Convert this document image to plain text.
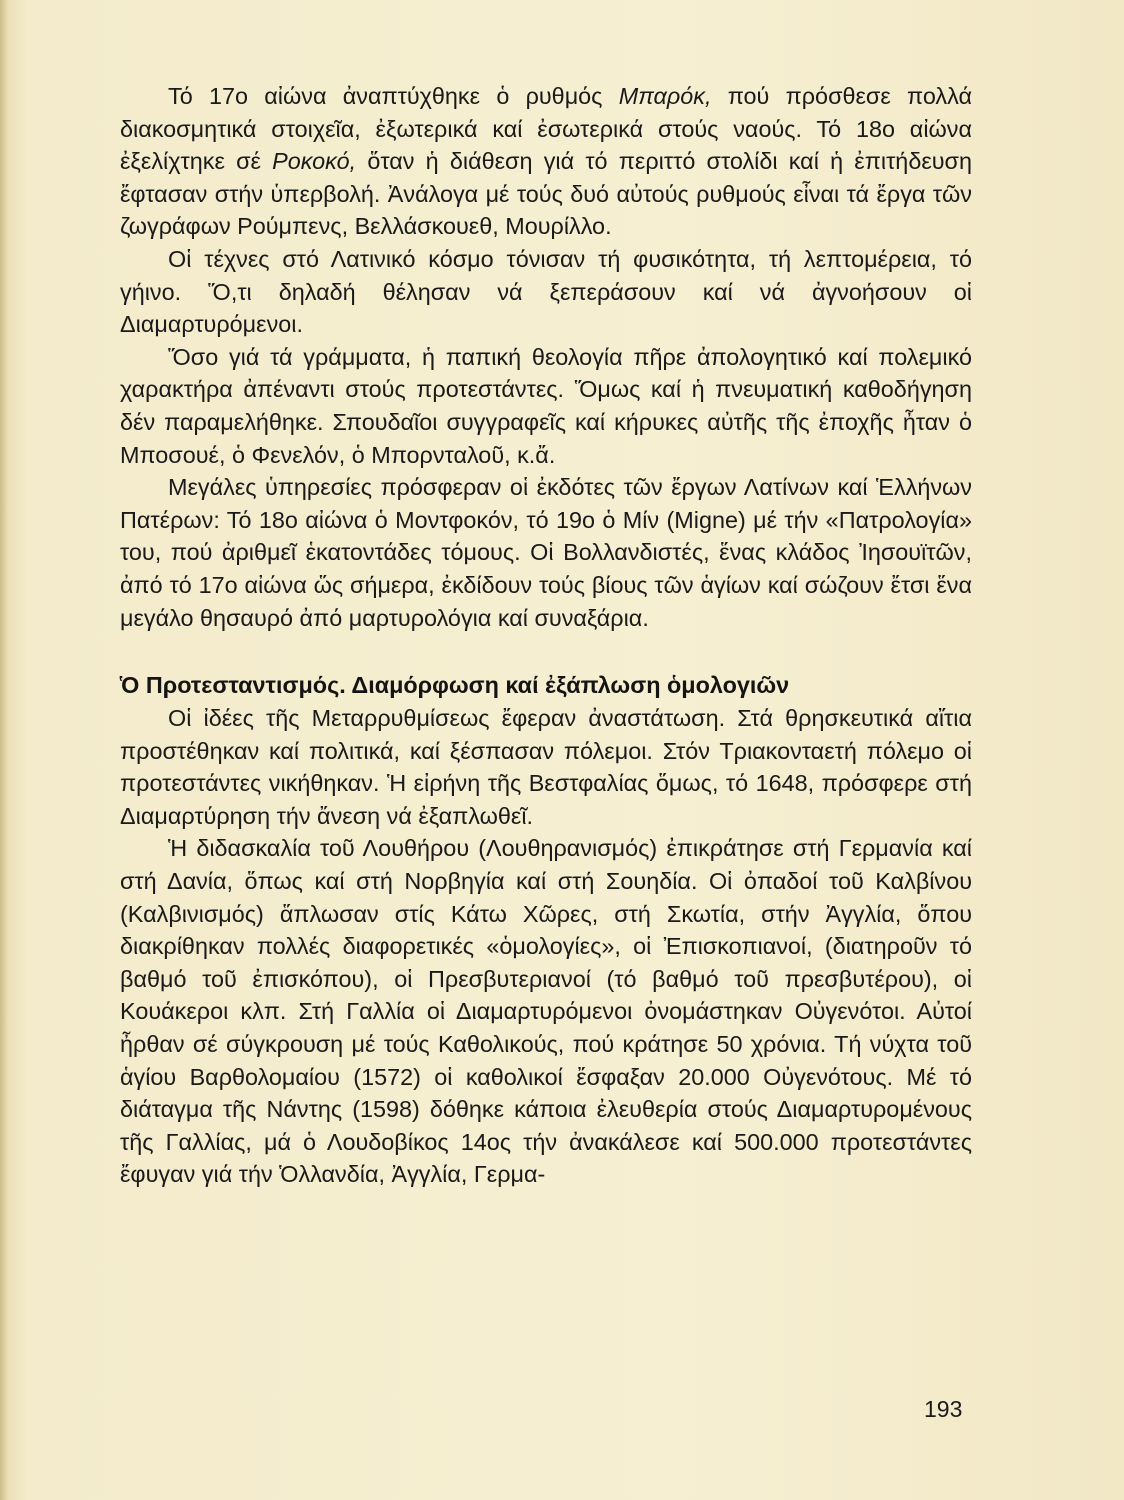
Τό 17ο αἰώνα ἀναπτύχθηκε ὁ ρυθμός Μπαρόκ, πού πρόσθεσε πολλά διακοσμητικά στοιχεῖα, ἐξωτερικά καί ἐσωτερικά στούς ναούς. Τό 18ο αἰώνα ἐξελίχτηκε σέ Ροκοκό, ὅταν ἡ διάθεση γιά τό περιττό στολίδι καί ἡ ἐπιτήδευση ἔφτασαν στήν ὑπερβολή. Ἀνάλογα μέ τούς δυό αὐτούς ρυθμούς εἶναι τά ἔργα τῶν ζωγράφων Ρούμπενς, Βελλάσκουεθ, Μουρίλλο.

Οἱ τέχνες στό Λατινικό κόσμο τόνισαν τή φυσικότητα, τή λεπτομέρεια, τό γήινο. Ὅ,τι δηλαδή θέλησαν νά ξεπεράσουν καί νά ἀγνοήσουν οἱ Διαμαρτυρόμενοι.

Ὅσο γιά τά γράμματα, ἡ παπική θεολογία πῆρε ἀπολογητικό καί πολεμικό χαρακτήρα ἀπέναντι στούς προτεστάντες. Ὅμως καί ἡ πνευματική καθοδήγηση δέν παραμελήθηκε. Σπουδαῖοι συγγραφεῖς καί κήρυκες αὐτῆς τῆς ἐποχῆς ἦταν ὁ Μποσουέ, ὁ Φενελόν, ὁ Μπορνταλοῦ, κ.ἄ.

Μεγάλες ὑπηρεσίες πρόσφεραν οἱ ἐκδότες τῶν ἔργων Λατίνων καί Ἑλλήνων Πατέρων: Τό 18ο αἰώνα ὁ Μοντφοκόν, τό 19ο ὁ Μίν (Migne) μέ τήν «Πατρολογία» του, πού ἀριθμεῖ ἑκατοντάδες τόμους. Οἱ Βολλανδιστές, ἕνας κλάδος Ἰησουϊτῶν, ἀπό τό 17ο αἰώνα ὥς σήμερα, ἐκδίδουν τούς βίους τῶν ἁγίων καί σώζουν ἔτσι ἕνα μεγάλο θησαυρό ἀπό μαρτυρολόγια καί συναξάρια.

Ὁ Προτεσταντισμός. Διαμόρφωση καί ἐξάπλωση ὁμολογιῶν

Οἱ ἰδέες τῆς Μεταρρυθμίσεως ἔφεραν ἀναστάτωση. Στά θρησκευτικά αἴτια προστέθηκαν καί πολιτικά, καί ξέσπασαν πόλεμοι. Στόν Τριακονταετή πόλεμο οἱ προτεστάντες νικήθηκαν. Ἡ εἰρήνη τῆς Βεστφαλίας ὅμως, τό 1648, πρόσφερε στή Διαμαρτύρηση τήν ἄνεση νά ἐξαπλωθεῖ.

Ἡ διδασκαλία τοῦ Λουθήρου (Λουθηρανισμός) ἐπικράτησε στή Γερμανία καί στή Δανία, ὅπως καί στή Νορβηγία καί στή Σουηδία. Οἱ ὀπαδοί τοῦ Καλβίνου (Καλβινισμός) ἅπλωσαν στίς Κάτω Χῶρες, στή Σκωτία, στήν Ἀγγλία, ὅπου διακρίθηκαν πολλές διαφορετικές «ὁμολογίες», οἱ Ἐπισκοπιανοί, (διατηροῦν τό βαθμό τοῦ ἐπισκόπου), οἱ Πρεσβυτεριανοί (τό βαθμό τοῦ πρεσβυτέρου), οἱ Κουάκεροι κλπ. Στή Γαλλία οἱ Διαμαρτυρόμενοι ὀνομάστηκαν Οὐγενότοι. Αὐτοί ἦρθαν σέ σύγκρουση μέ τούς Καθολικούς, πού κράτησε 50 χρόνια. Τή νύχτα τοῦ ἁγίου Βαρθολομαίου (1572) οἱ καθολικοί ἔσφαξαν 20.000 Οὐγενότους. Μέ τό διάταγμα τῆς Νάντης (1598) δόθηκε κάποια ἐλευθερία στούς Διαμαρτυρομένους τῆς Γαλλίας, μά ὁ Λουδοβίκος 14ος τήν ἀνακάλεσε καί 500.000 προτεστάντες ἔφυγαν γιά τήν Ὁλλανδία, Ἀγγλία, Γερμα-

193
